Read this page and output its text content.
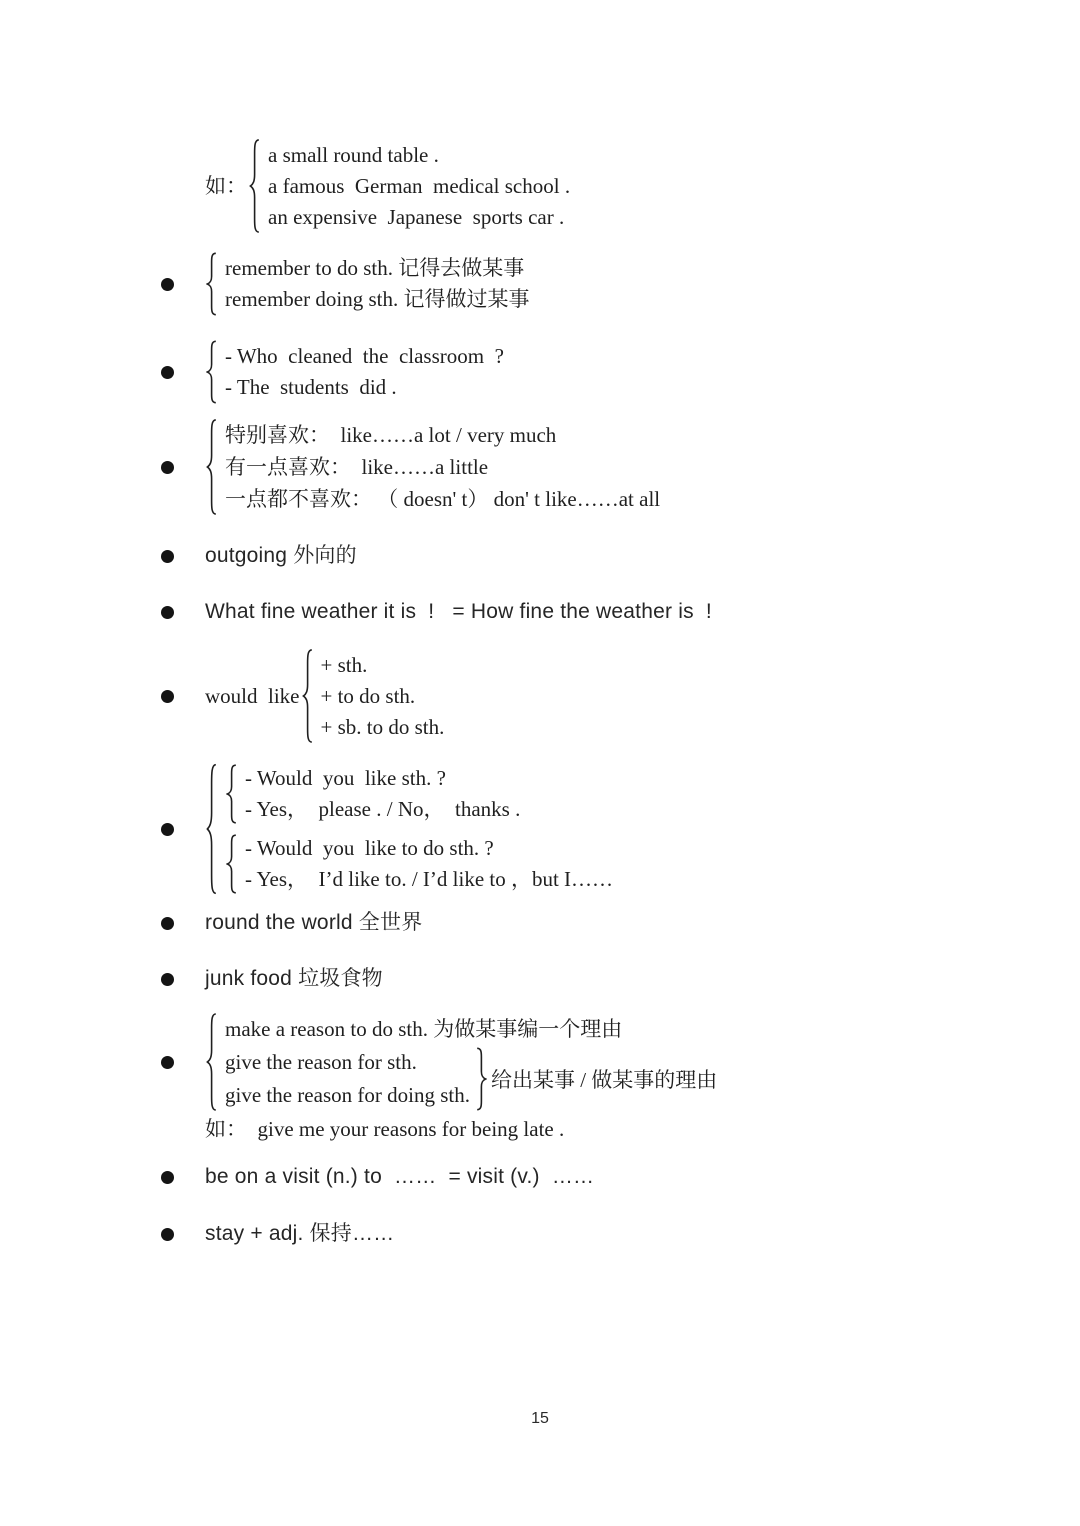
如：
a small round table .
a famous  German  medical school .
an expensive  Japanese  sports car .
remember to do sth. 记得去做某事
remember doing sth. 记得做过某事
- Who  cleaned  the  classroom  ?
- The  students  did .
特别喜欢：  like……a lot / very much
有一点喜欢：  like……a little
一点都不喜欢： （ doesn' t） don' t like……at all
outgoing 外向的
What fine weather it is  !   = How fine the weather is  !
would  like
+ sth.
+ to do sth.
+ sb. to do sth.
- Would  you  like sth. ?
- Yes，  please . / No，  thanks .
- Would  you  like to do sth. ?
- Yes，  I’d like to. / I’d like to ，but I……
round the world 全世界
junk food 垃圾食物
make a reason to do sth. 为做某事编一个理由
give the reason for sth.
give the reason for doing sth.
给出某事 / 做某事的理由
如：  give me your reasons for being late .
be on a visit (n.) to  ……  = visit (v.)  ……
stay + adj. 保持……
15
